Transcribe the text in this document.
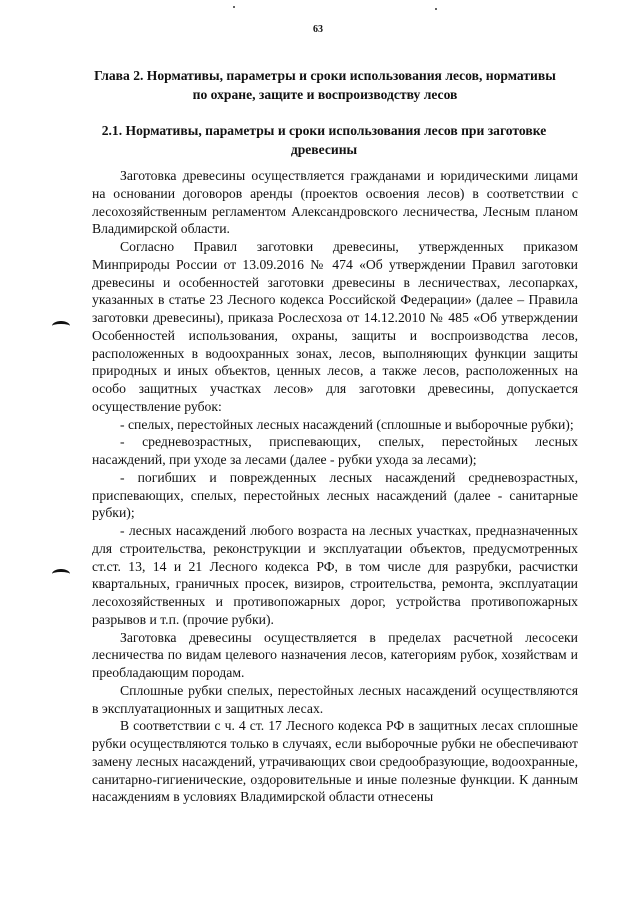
63
Глава 2. Нормативы, параметры и сроки использования лесов, нормативы по охране, защите и воспроизводству лесов
2.1. Нормативы, параметры и сроки использования лесов при заготовке древесины

Заготовка древесины осуществляется гражданами и юридическими лицами на основании договоров аренды (проектов освоения лесов) в соответствии с лесохозяйственным регламентом Александровского лесничества, Лесным планом Владимирской области.

Согласно Правил заготовки древесины, утвержденных приказом Минприроды России от 13.09.2016 № 474 «Об утверждении Правил заготовки древесины и особенностей заготовки древесины в лесничествах, лесопарках, указанных в статье 23 Лесного кодекса Российской Федерации» (далее – Правила заготовки древесины), приказа Рослесхоза от 14.12.2010 № 485 «Об утверждении Особенностей использования, охраны, защиты и воспроизводства лесов, расположенных в водоохранных зонах, лесов, выполняющих функции защиты природных и иных объектов, ценных лесов, а также лесов, расположенных на особо защитных участках лесов» для заготовки древесины, допускается осуществление рубок:

- спелых, перестойных лесных насаждений (сплошные и выборочные рубки);

- средневозрастных, приспевающих, спелых, перестойных лесных насаждений, при уходе за лесами (далее - рубки ухода за лесами);

- погибших и поврежденных лесных насаждений средневозрастных, приспевающих, спелых, перестойных лесных насаждений (далее - санитарные рубки);

- лесных насаждений любого возраста на лесных участках, предназначенных для строительства, реконструкции и эксплуатации объектов, предусмотренных ст.ст. 13, 14 и 21 Лесного кодекса РФ, в том числе для разрубки, расчистки квартальных, граничных просек, визиров, строительства, ремонта, эксплуатации лесохозяйственных и противопожарных дорог, устройства противопожарных разрывов и т.п. (прочие рубки).

Заготовка древесины осуществляется в пределах расчетной лесосеки лесничества по видам целевого назначения лесов, категориям рубок, хозяйствам и преобладающим породам.

Сплошные рубки спелых, перестойных лесных насаждений осуществляются в эксплуатационных и защитных лесах.

В соответствии с ч. 4 ст. 17 Лесного кодекса РФ в защитных лесах сплошные рубки осуществляются только в случаях, если выборочные рубки не обеспечивают замену лесных насаждений, утрачивающих свои средообразующие, водоохранные, санитарно-гигиенические, оздоровительные и иные полезные функции. К данным насаждениям в условиях Владимирской области отнесены
